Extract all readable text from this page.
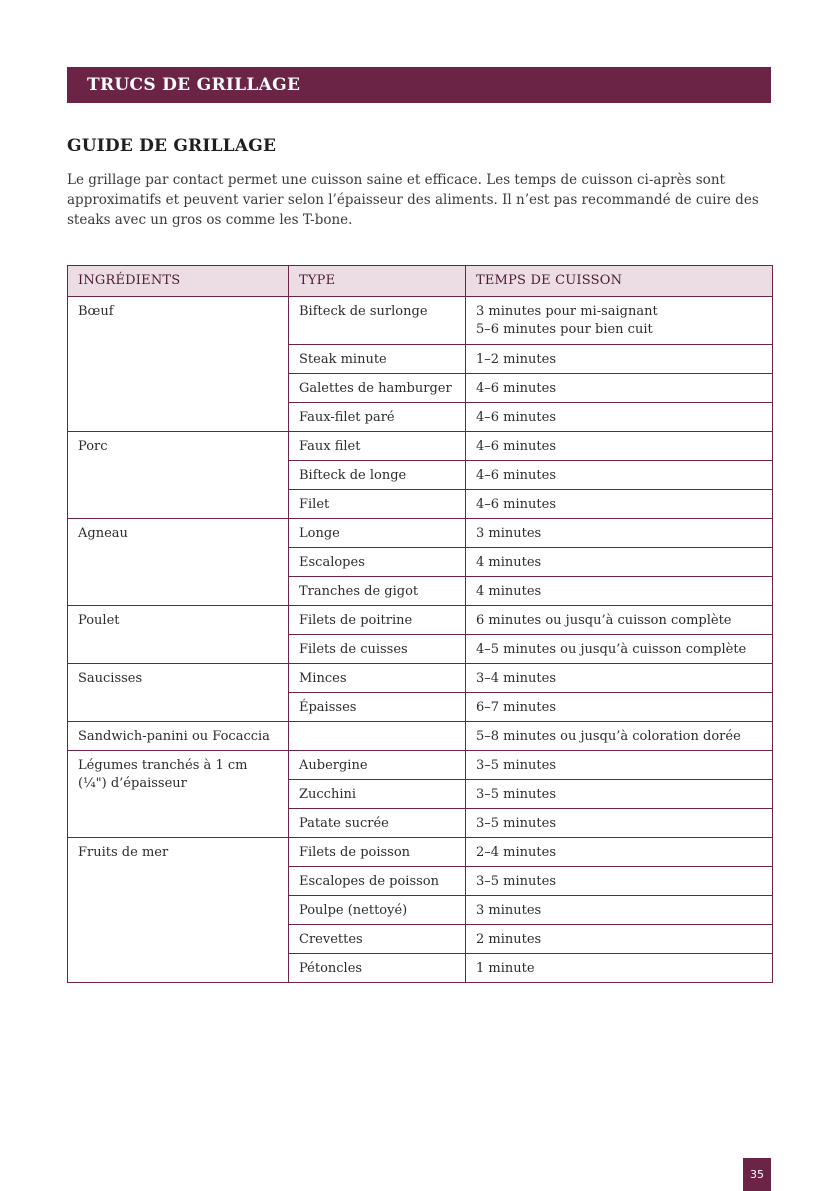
TRUCS DE GRILLAGE
GUIDE DE GRILLAGE

Le grillage par contact permet une cuisson saine et efficace. Les temps de cuisson ci-après sont approximatifs et peuvent varier selon l’épaisseur des aliments. Il n’est pas recommandé de cuire des steaks avec un gros os comme les T-bone.

INGRÉDIENTS	TYPE	TEMPS DE CUISSON
Bœuf	Bifteck de surlonge	3 minutes pour mi-saignant
5–6 minutes pour bien cuit

	Steak minute	1–2 minutes

	Galettes de hamburger	4–6 minutes

	Faux-filet paré	4–6 minutes

Porc	Faux filet	4–6 minutes

	Bifteck de longe	4–6 minutes

	Filet	4–6 minutes

Agneau	Longe	3 minutes

	Escalopes	4 minutes

	Tranches de gigot	4 minutes

Poulet	Filets de poitrine	6 minutes ou jusqu’à cuisson complète

	Filets de cuisses	4–5 minutes ou jusqu’à cuisson complète

Saucisses	Minces	3–4 minutes

	Épaisses	6–7 minutes

Sandwich-panini ou Focaccia		5–8 minutes ou jusqu’à coloration dorée

Légumes tranchés à 1 cm (¼") d’épaisseur	Aubergine	3–5 minutes

	Zucchini	3–5 minutes

	Patate sucrée	3–5 minutes

Fruits de mer	Filets de poisson	2–4 minutes

	Escalopes de poisson	3–5 minutes

	Poulpe (nettoyé)	3 minutes

	Crevettes	2 minutes

	Pétoncles	1 minute
35
